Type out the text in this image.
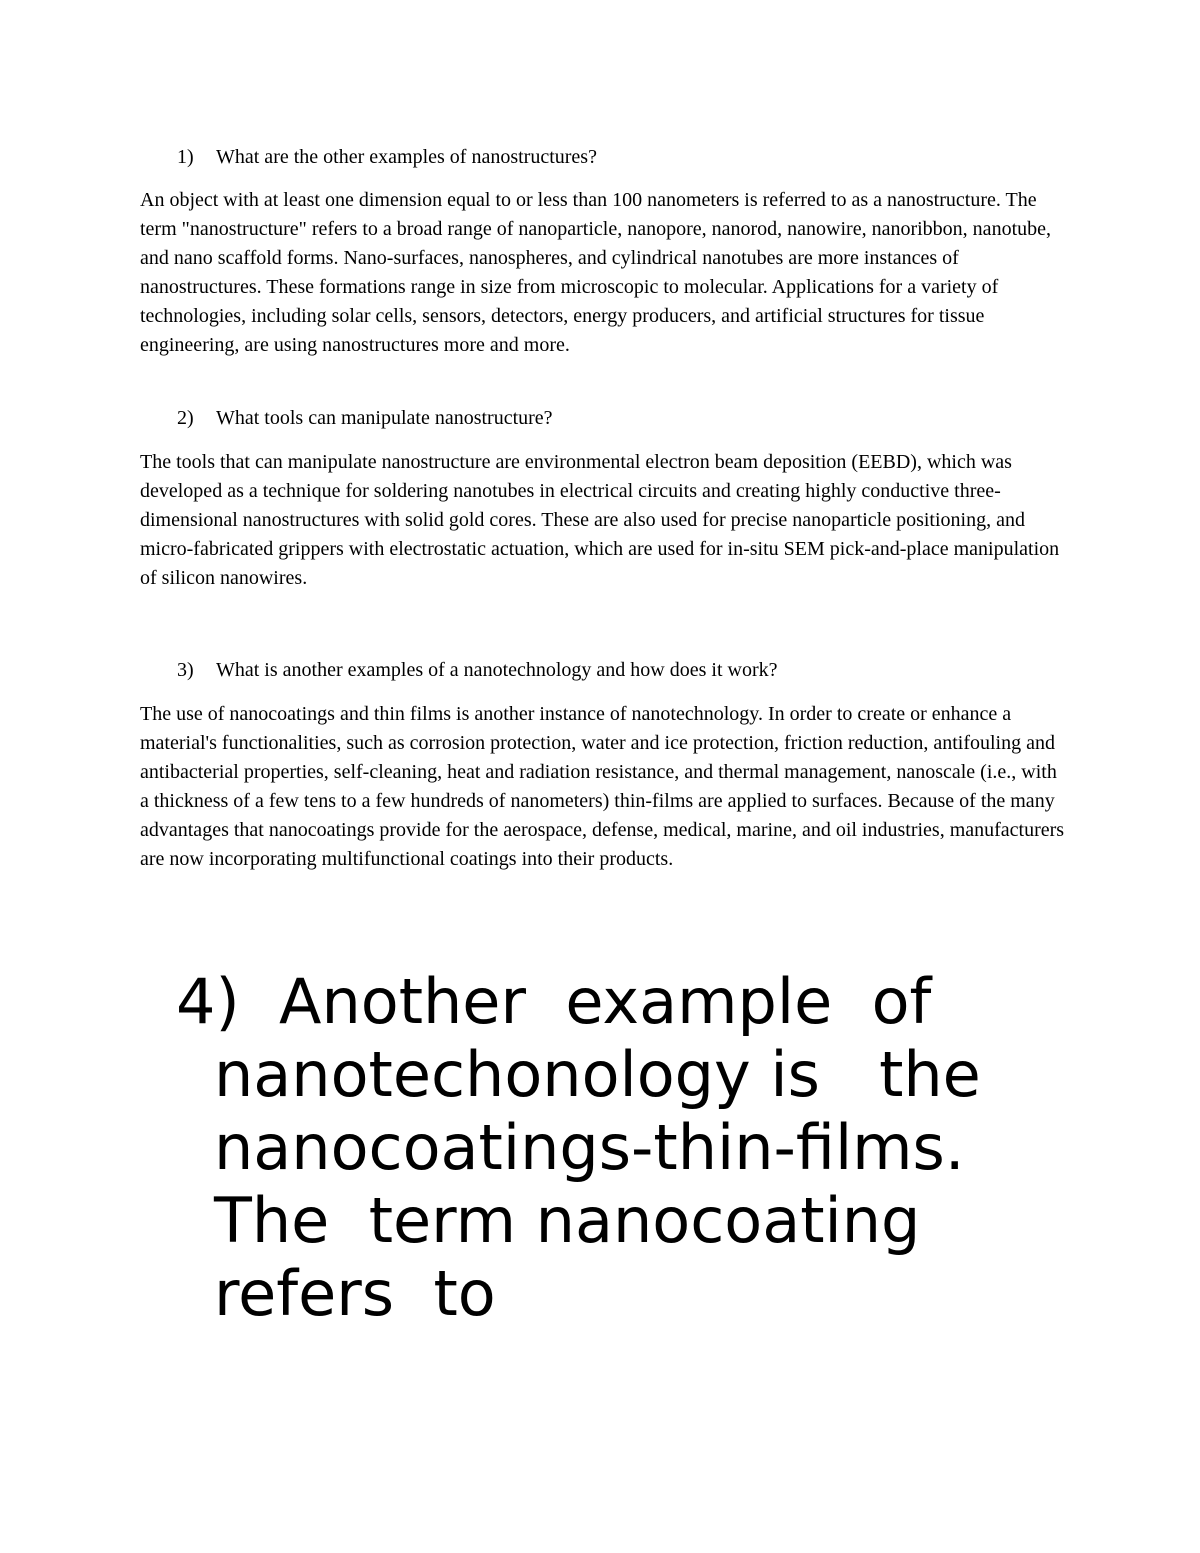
1) What are the other examples of nanostructures?

An object with at least one dimension equal to or less than 100 nanometers is referred to as a nanostructure. The term "nanostructure" refers to a broad range of nanoparticle, nanopore, nanorod, nanowire, nanoribbon, nanotube, and nano scaffold forms. Nano-surfaces, nanospheres, and cylindrical nanotubes are more instances of nanostructures. These formations range in size from microscopic to molecular. Applications for a variety of technologies, including solar cells, sensors, detectors, energy producers, and artificial structures for tissue engineering, are using nanostructures more and more.

2) What tools can manipulate nanostructure?

The tools that can manipulate nanostructure are environmental electron beam deposition (EEBD), which was developed as a technique for soldering nanotubes in electrical circuits and creating highly conductive three-dimensional nanostructures with solid gold cores. These are also used for precise nanoparticle positioning, and micro-fabricated grippers with electrostatic actuation, which are used for in-situ SEM pick-and-place manipulation of silicon nanowires.

3) What is another examples of a nanotechnology and how does it work?

The use of nanocoatings and thin films is another instance of nanotechnology. In order to create or enhance a material's functionalities, such as corrosion protection, water and ice protection, friction reduction, antifouling and antibacterial properties, self-cleaning, heat and radiation resistance, and thermal management, nanoscale (i.e., with a thickness of a few tens to a few hundreds of nanometers) thin-films are applied to surfaces. Because of the many advantages that nanocoatings provide for the aerospace, defense, medical, marine, and oil industries, manufacturers are now incorporating multifunctional coatings into their products.

4)  Another  example  of
nanotechonology is   the
nanocoatings-thin-films.
The  term nanocoating
refers  to
